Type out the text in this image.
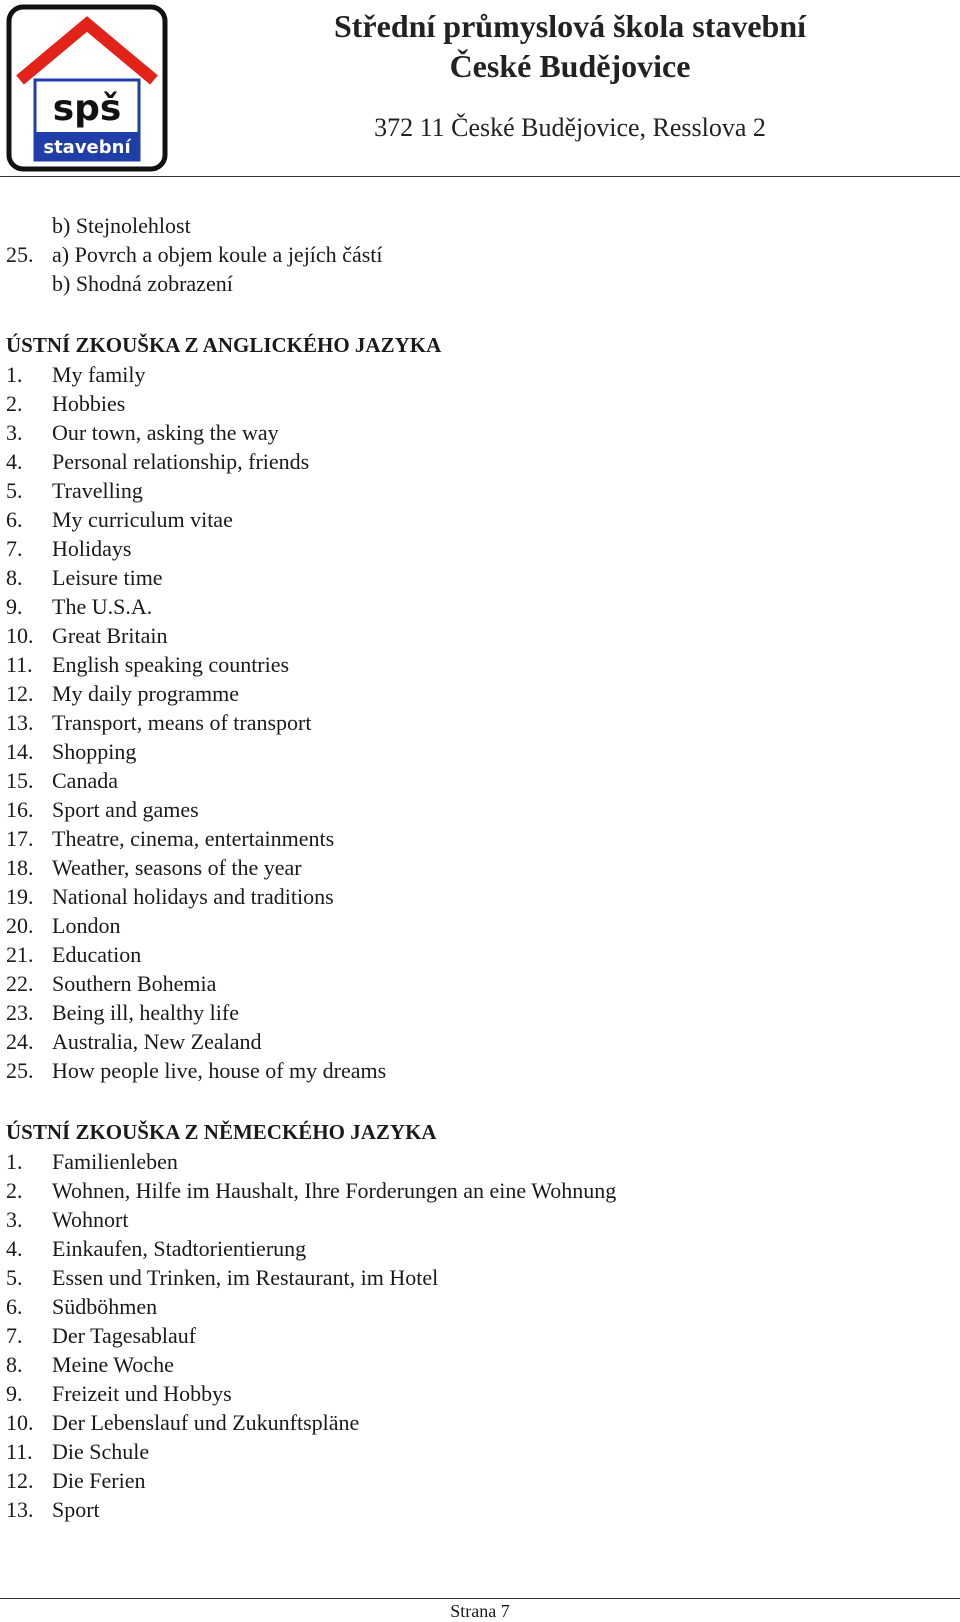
spš
stavební
Střední průmyslová škola stavební
České Budějovice
372 11 České Budějovice, Resslova 2
b) Stejnolehlost
25. a) Povrch a objem koule a jejích částí
b) Shodná zobrazení
ÚSTNÍ ZKOUŠKA Z ANGLICKÉHO JAZYKA
1. My family
2. Hobbies
3. Our town, asking the way
4. Personal relationship, friends
5. Travelling
6. My curriculum vitae
7. Holidays
8. Leisure time
9. The U.S.A.
10. Great Britain
11. English speaking countries
12. My daily programme
13. Transport, means of transport
14. Shopping
15. Canada
16. Sport and games
17. Theatre, cinema, entertainments
18. Weather, seasons of the year
19. National holidays and traditions
20. London
21. Education
22. Southern Bohemia
23. Being ill, healthy life
24. Australia, New Zealand
25. How people live, house of my dreams
ÚSTNÍ ZKOUŠKA Z NĚMECKÉHO JAZYKA
1. Familienleben
2. Wohnen, Hilfe im Haushalt, Ihre Forderungen an eine Wohnung
3. Wohnort
4. Einkaufen, Stadtorientierung
5. Essen und Trinken, im Restaurant, im Hotel
6. Südböhmen
7. Der Tagesablauf
8. Meine Woche
9. Freizeit und Hobbys
10. Der Lebenslauf und Zukunftspläne
11. Die Schule
12. Die Ferien
13. Sport
Strana 7
